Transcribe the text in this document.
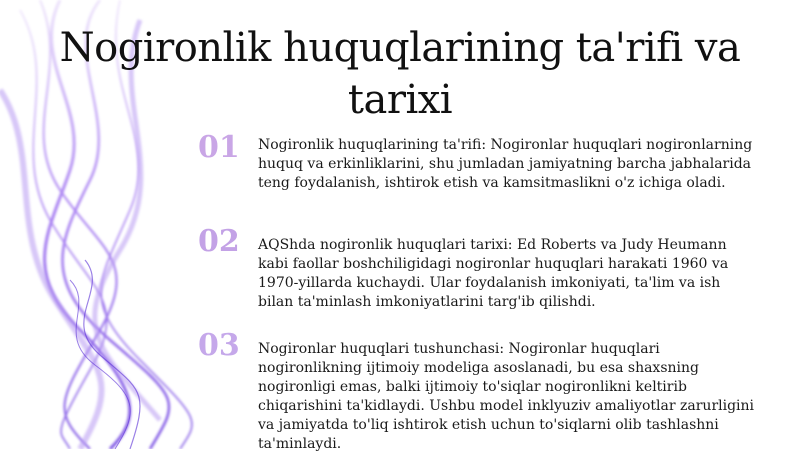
Nogironlik huquqlarining ta'rifi va
tarixi
01	Nogironlik huquqlarining ta'rifi: Nogironlar huquqlari nogironlarning huquq va erkinliklarini, shu jumladan jamiyatning barcha jabhalarida teng foydalanish, ishtirok etish va kamsitmaslikni o'z ichiga oladi.
02	AQShda nogironlik huquqlari tarixi: Ed Roberts va Judy Heumann kabi faollar boshchiligidagi nogironlar huquqlari harakati 1960 va 1970-yillarda kuchaydi. Ular foydalanish imkoniyati, ta'lim va ish bilan ta'minlash imkoniyatlarini targ'ib qilishdi.
03	Nogironlar huquqlari tushunchasi: Nogironlar huquqlari nogironlikning ijtimoiy modeliga asoslanadi, bu esa shaxsning nogironligi emas, balki ijtimoiy to'siqlar nogironlikni keltirib chiqarishini ta'kidlaydi. Ushbu model inklyuziv amaliyotlar zarurligini va jamiyatda to'liq ishtirok etish uchun to'siqlarni olib tashlashni ta'minlaydi.
